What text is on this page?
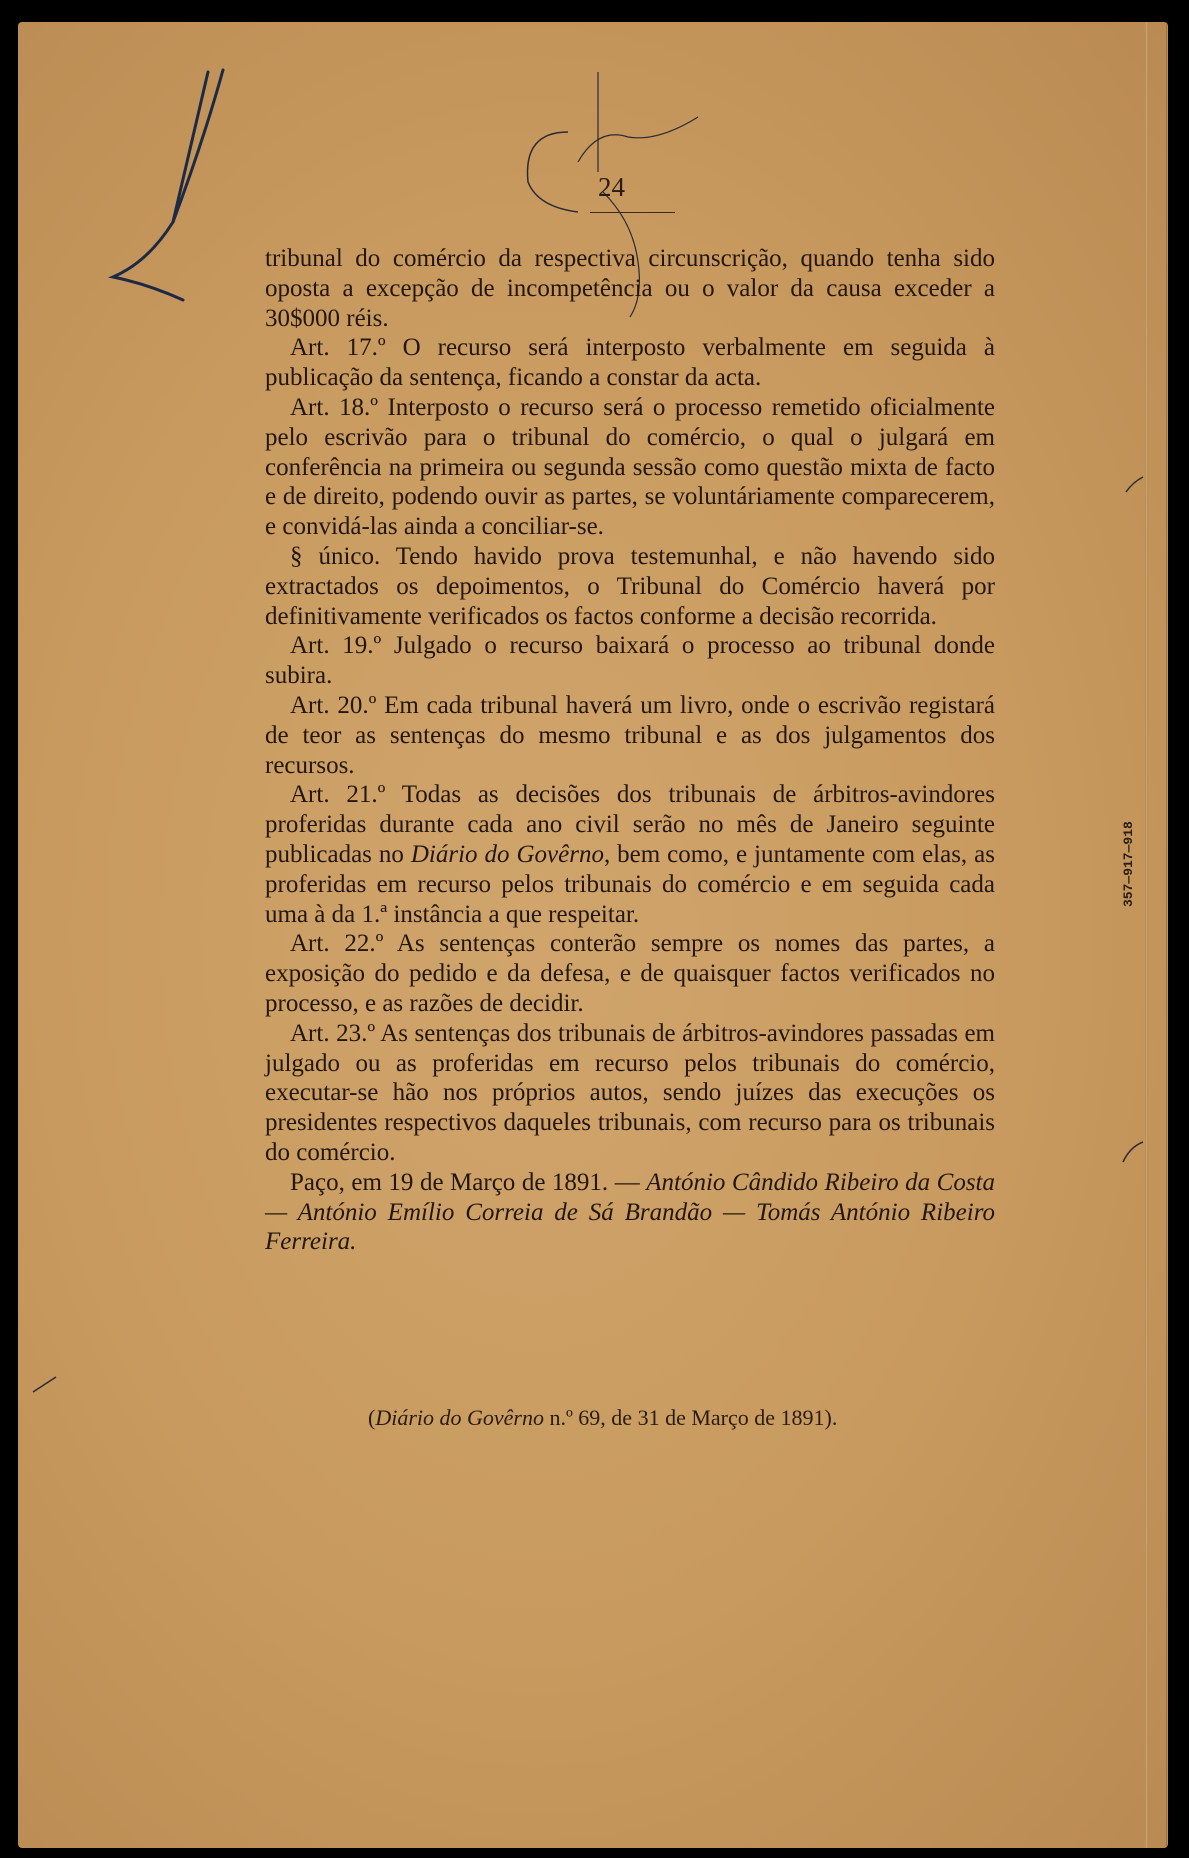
24

tribunal do comércio da respectiva circunscrição, quando tenha sido oposta a excepção de incompetência ou o valor da causa exceder a 30$000 réis.

Art. 17.º O recurso será interposto verbalmente em seguida à publicação da sentença, ficando a constar da acta.

Art. 18.º Interposto o recurso será o processo remetido oficialmente pelo escrivão para o tribunal do comércio, o qual o julgará em conferência na primeira ou segunda sessão como questão mixta de facto e de direito, podendo ouvir as partes, se voluntáriamente comparecerem, e convidá-las ainda a conciliar-se.

§ único. Tendo havido prova testemunhal, e não havendo sido extractados os depoimentos, o Tribunal do Comércio haverá por definitivamente verificados os factos conforme a decisão recorrida.

Art. 19.º Julgado o recurso baixará o processo ao tribunal donde subira.

Art. 20.º Em cada tribunal haverá um livro, onde o escrivão registará de teor as sentenças do mesmo tribunal e as dos julgamentos dos recursos.

Art. 21.º Todas as decisões dos tribunais de árbitros-avindores proferidas durante cada ano civil serão no mês de Janeiro seguinte publicadas no Diário do Govêrno, bem como, e juntamente com elas, as proferidas em recurso pelos tribunais do comércio e em seguida cada uma à da 1.ª instância a que respeitar.

Art. 22.º As sentenças conterão sempre os nomes das partes, a exposição do pedido e da defesa, e de quaisquer factos verificados no processo, e as razões de decidir.

Art. 23.º As sentenças dos tribunais de árbitros-avindores passadas em julgado ou as proferidas em recurso pelos tribunais do comércio, executar-se hão nos próprios autos, sendo juízes das execuções os presidentes respectivos daqueles tribunais, com recurso para os tribunais do comércio.

Paço, em 19 de Março de 1891. — António Cândido Ribeiro da Costa — António Emílio Correia de Sá Brandão — Tomás António Ribeiro Ferreira.

(Diário do Govêrno n.º 69, de 31 de Março de 1891).
357—917—918
